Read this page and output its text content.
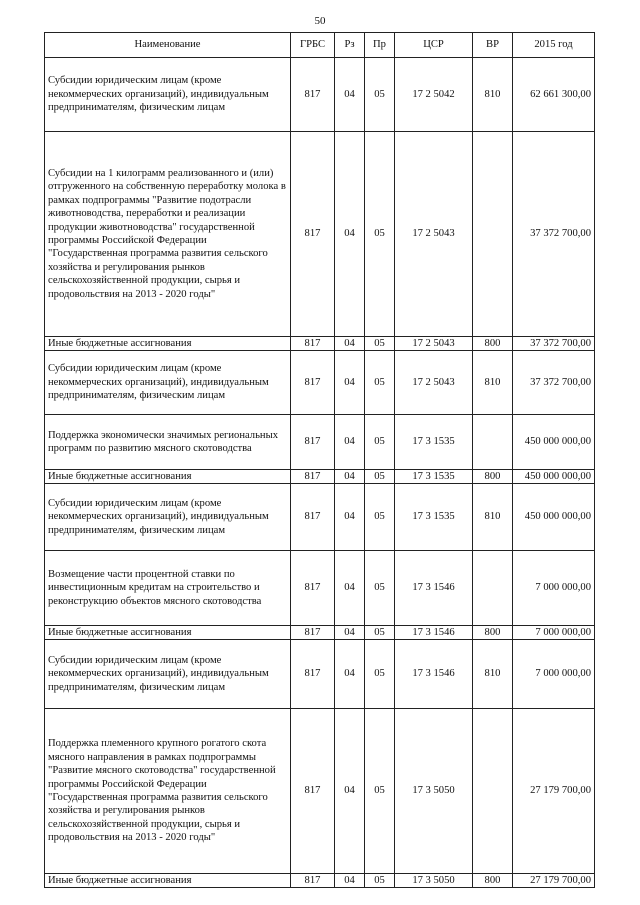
50
Наименование	ГРБС	Рз	Пр	ЦСР	ВР	2015 год
Субсидии юридическим лицам (кроме некоммерческих организаций), индивидуальным предпринимателям, физическим лицам	817	04	05	17 2 5042	810	62 661 300,00
Субсидии на 1 килограмм реализованного и (или) отгруженного на собственную переработку молока в рамках подпрограммы "Развитие подотрасли животноводства, переработки и реализации продукции животноводства" государственной программы Российской Федерации "Государственная программа развития сельского хозяйства и регулирования рынков сельскохозяйственной продукции, сырья и продовольствия на 2013 - 2020 годы"	817	04	05	17 2 5043		37 372 700,00
Иные бюджетные ассигнования	817	04	05	17 2 5043	800	37 372 700,00
Субсидии юридическим лицам (кроме некоммерческих организаций), индивидуальным предпринимателям, физическим лицам	817	04	05	17 2 5043	810	37 372 700,00
Поддержка экономически значимых региональных программ по развитию мясного скотоводства	817	04	05	17 3 1535		450 000 000,00
Иные бюджетные ассигнования	817	04	05	17 3 1535	800	450 000 000,00
Субсидии юридическим лицам (кроме некоммерческих организаций), индивидуальным предпринимателям, физическим лицам	817	04	05	17 3 1535	810	450 000 000,00
Возмещение части процентной ставки по инвестиционным кредитам на строительство и реконструкцию объектов мясного скотоводства	817	04	05	17 3 1546		7 000 000,00
Иные бюджетные ассигнования	817	04	05	17 3 1546	800	7 000 000,00
Субсидии юридическим лицам (кроме некоммерческих организаций), индивидуальным предпринимателям, физическим лицам	817	04	05	17 3 1546	810	7 000 000,00
Поддержка племенного крупного рогатого скота мясного направления в рамках подпрограммы "Развитие мясного скотоводства" государственной программы Российской Федерации "Государственная программа развития сельского хозяйства и регулирования рынков сельскохозяйственной продукции, сырья и продовольствия на 2013 - 2020 годы"	817	04	05	17 3 5050		27 179 700,00
Иные бюджетные ассигнования	817	04	05	17 3 5050	800	27 179 700,00
